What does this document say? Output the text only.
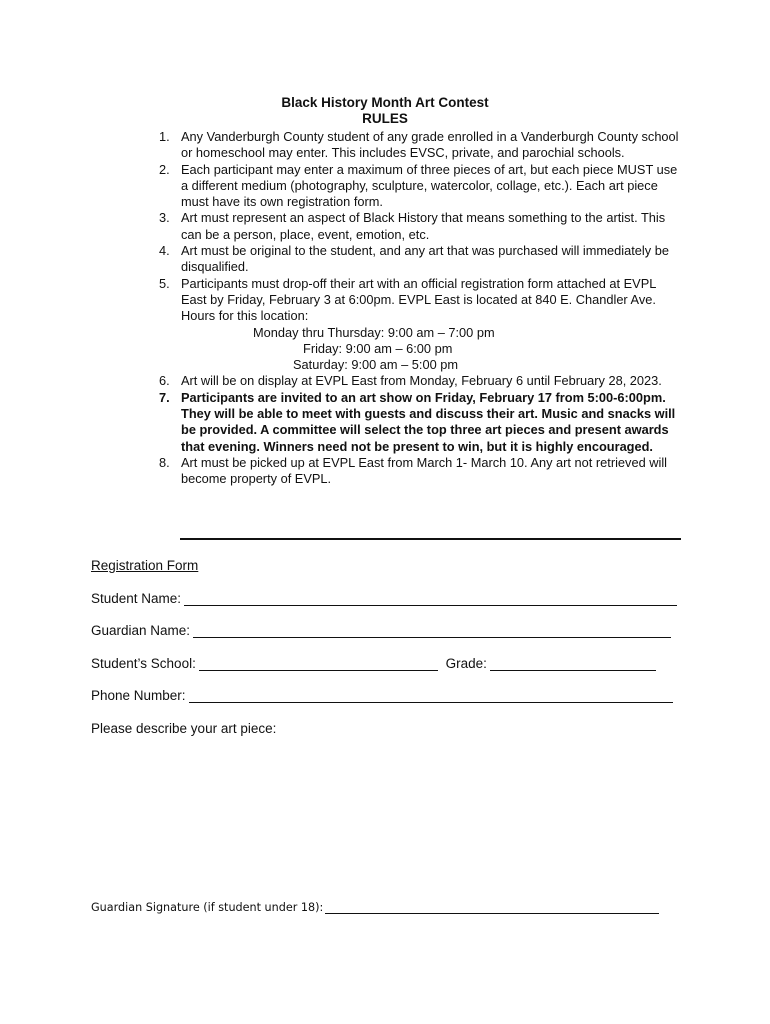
Black History Month Art Contest
RULES
1. Any Vanderburgh County student of any grade enrolled in a Vanderburgh County school or homeschool may enter. This includes EVSC, private, and parochial schools.
2. Each participant may enter a maximum of three pieces of art, but each piece MUST use a different medium (photography, sculpture, watercolor, collage, etc.). Each art piece must have its own registration form.
3. Art must represent an aspect of Black History that means something to the artist. This can be a person, place, event, emotion, etc.
4. Art must be original to the student, and any art that was purchased will immediately be disqualified.
5. Participants must drop-off their art with an official registration form attached at EVPL East by Friday, February 3 at 6:00pm. EVPL East is located at 840 E. Chandler Ave. Hours for this location:
Monday thru Thursday: 9:00 am – 7:00 pm
Friday: 9:00 am – 6:00 pm
Saturday: 9:00 am – 5:00 pm
6. Art will be on display at EVPL East from Monday, February 6 until February 28, 2023.
7. Participants are invited to an art show on Friday, February 17 from 5:00-6:00pm. They will be able to meet with guests and discuss their art. Music and snacks will be provided. A committee will select the top three art pieces and present awards that evening. Winners need not be present to win, but it is highly encouraged.
8. Art must be picked up at EVPL East from March 1- March 10. Any art not retrieved will become property of EVPL.
Registration Form
Student Name:
Guardian Name:
Student’s School:	Grade:
Phone Number:
Please describe your art piece:
Guardian Signature (if student under 18):
